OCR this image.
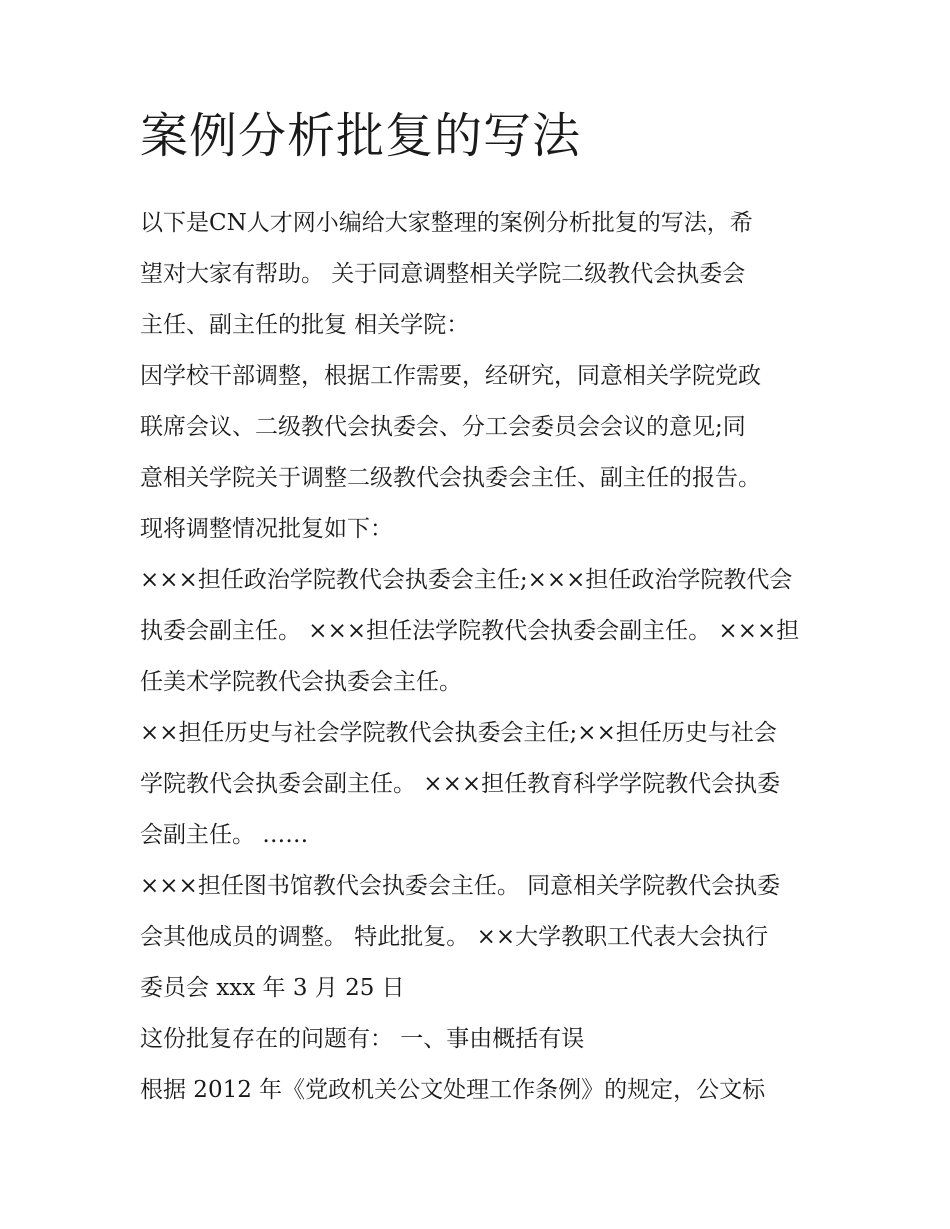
案例分析批复的写法
以下是CN人才网小编给大家整理的案例分析批复的写法，希
望对大家有帮助。 关于同意调整相关学院二级教代会执委会
主任、副主任的批复 相关学院：
因学校干部调整，根据工作需要，经研究，同意相关学院党政
联席会议、二级教代会执委会、分工会委员会会议的意见;同
意相关学院关于调整二级教代会执委会主任、副主任的报告。
现将调整情况批复如下：
×××担任政治学院教代会执委会主任;×××担任政治学院教代会
执委会副主任。 ×××担任法学院教代会执委会副主任。 ×××担
任美术学院教代会执委会主任。
××担任历史与社会学院教代会执委会主任;××担任历史与社会
学院教代会执委会副主任。 ×××担任教育科学学院教代会执委
会副主任。 ……
×××担任图书馆教代会执委会主任。 同意相关学院教代会执委
会其他成员的调整。 特此批复。 ××大学教职工代表大会执行
委员会 xxx 年 3 月 25 日
这份批复存在的问题有： 一、事由概括有误
根据 2012 年《党政机关公文处理工作条例》的规定，公文标
